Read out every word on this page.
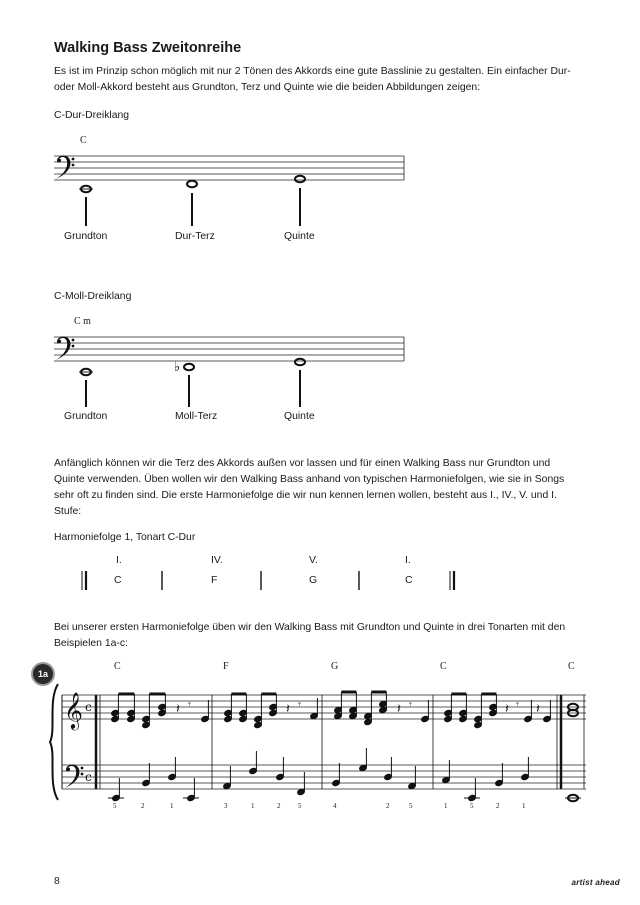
Walking Bass Zweitonreihe
Es ist im Prinzip schon möglich mit nur 2 Tönen des Akkords eine gute Basslinie zu gestalten. Ein einfacher Dur-
oder Moll-Akkord besteht aus Grundton, Terz und Quinte wie die beiden Abbildungen zeigen:
C-Dur-Dreiklang
C-Moll-Dreiklang
Anfänglich können wir die Terz des Akkords außen vor lassen und für einen Walking Bass nur Grundton und
Quinte verwenden. Üben wollen wir den Walking Bass anhand von typischen Harmoniefolgen, wie sie in Songs
sehr oft zu finden sind. Die erste Harmoniefolge die wir nun kennen lernen wollen, besteht aus I., IV., V. und I.
Stufe:
Harmoniefolge 1, Tonart C-Dur
Bei unserer ersten Harmoniefolge üben wir den Walking Bass mit Grundton und Quinte in drei Tonarten mit den
Beispielen 1a-c:
C
Grundton	Dur-Terz	Quinte
C m
Grundton	Moll-Terz	Quinte
I.	IV.	V.	I.
C	F	G	C
1a
C	F	G	C	C
5	2	1	3	1	2	5	4	2	5	1	5	2	1
8	artist ahead
♭
𝄞 c
c
𝄽 𝄾	𝄽 𝄾	𝄽 𝄾	𝄽 𝄾 𝄽
